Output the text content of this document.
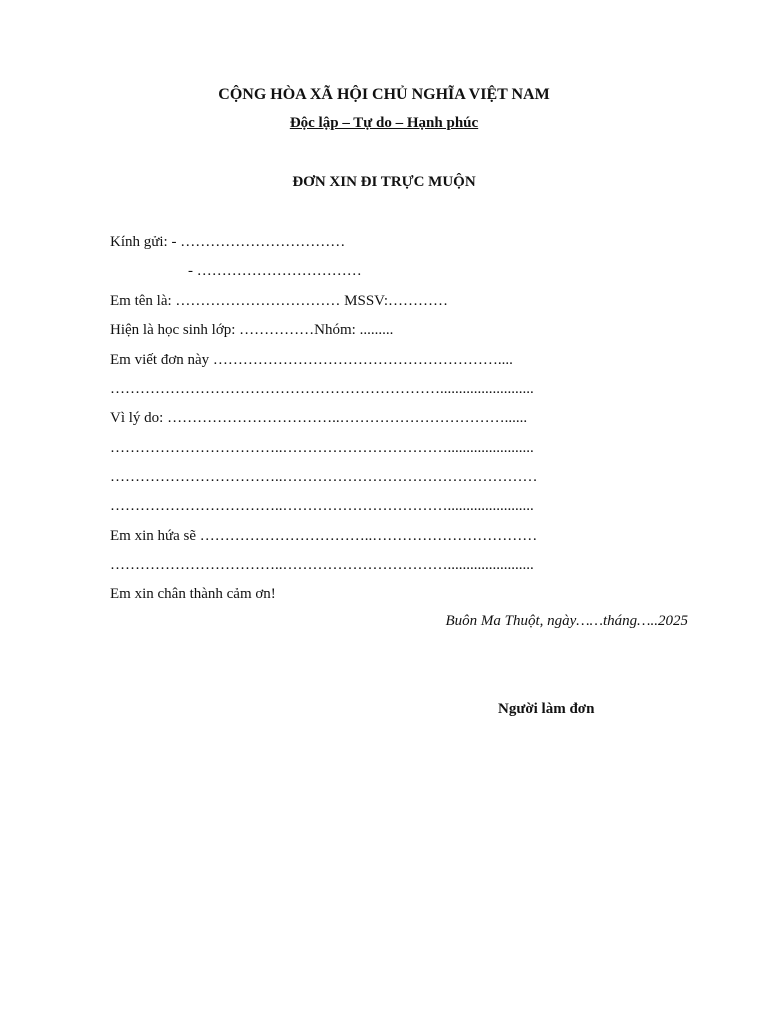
CỘNG HÒA XÃ HỘI CHỦ NGHĨA VIỆT NAM
Độc lập – Tự do – Hạnh phúc
ĐƠN XIN ĐI TRỰC MUỘN
Kính gửi: - ……………………………
- ……………………………
Em tên là: …………………………… MSSV:…………
Hiện là học sinh lớp: ……………Nhóm: .........
Em viết đơn này …………………………………………………....
………………………………………………………….........................
Vì lý do: ……………………………..……………………………......
……………………………..…………………………….......................
……………………………..……………………………………………
……………………………..…………………………….......................
Em xin hứa sẽ ……………………………..……………………………
……………………………..…………………………….......................
Em xin chân thành cảm ơn!
Buôn Ma Thuột, ngày……tháng…..2025
Người làm đơn
